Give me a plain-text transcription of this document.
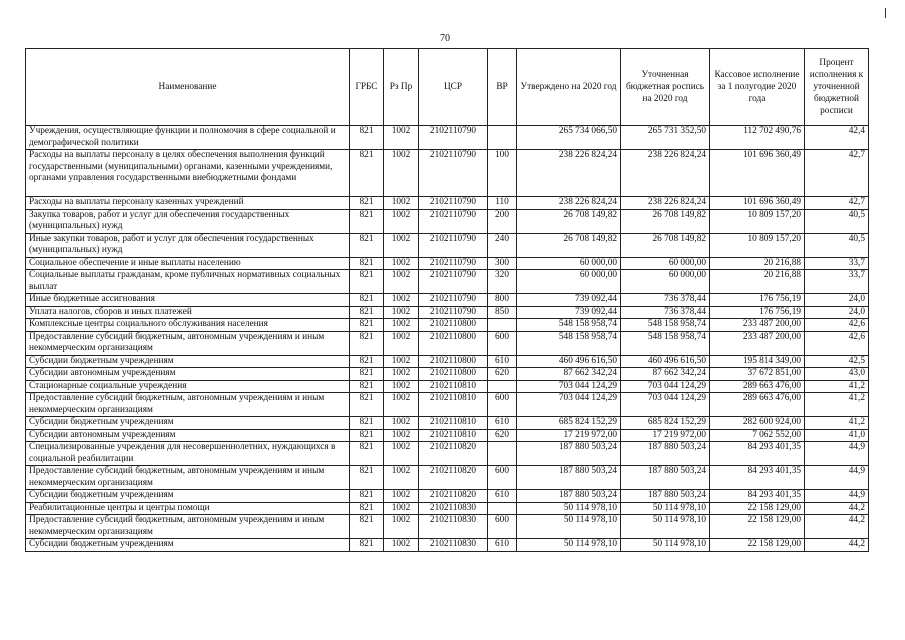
70
Наименование	ГРБС	Рз Пр	ЦСР	ВР	Утверждено на 2020 год	Уточненная бюджетная роспись на 2020 год	Кассовое исполнение за 1 полугодие 2020 года	Процент исполнения к уточненной бюджетной росписи
Учреждения, осуществляющие функции и полномочия в сфере социальной и демографической политики	821	1002	2102110790		265 734 066,50	265 731 352,50	112 702 490,76	42,4
Расходы на выплаты персоналу в целях обеспечения выполнения функций государственными (муниципальными) органами, казенными учреждениями, органами управления государственными внебюджетными фондами	821	1002	2102110790	100	238 226 824,24	238 226 824,24	101 696 360,49	42,7
Расходы на выплаты персоналу казенных учреждений	821	1002	2102110790	110	238 226 824,24	238 226 824,24	101 696 360,49	42,7
Закупка товаров, работ и услуг для обеспечения государственных (муниципальных) нужд	821	1002	2102110790	200	26 708 149,82	26 708 149,82	10 809 157,20	40,5
Иные закупки товаров, работ и услуг для обеспечения государственных (муниципальных) нужд	821	1002	2102110790	240	26 708 149,82	26 708 149,82	10 809 157,20	40,5
Социальное обеспечение и иные выплаты населению	821	1002	2102110790	300	60 000,00	60 000,00	20 216,88	33,7
Социальные выплаты гражданам, кроме публичных нормативных социальных выплат	821	1002	2102110790	320	60 000,00	60 000,00	20 216,88	33,7
Иные бюджетные ассигнования	821	1002	2102110790	800	739 092,44	736 378,44	176 756,19	24,0
Уплата налогов, сборов и иных платежей	821	1002	2102110790	850	739 092,44	736 378,44	176 756,19	24,0
Комплексные центры социального обслуживания населения	821	1002	2102110800		548 158 958,74	548 158 958,74	233 487 200,00	42,6
Предоставление субсидий бюджетным, автономным учреждениям и иным некоммерческим организациям	821	1002	2102110800	600	548 158 958,74	548 158 958,74	233 487 200,00	42,6
Субсидии бюджетным учреждениям	821	1002	2102110800	610	460 496 616,50	460 496 616,50	195 814 349,00	42,5
Субсидии автономным учреждениям	821	1002	2102110800	620	87 662 342,24	87 662 342,24	37 672 851,00	43,0
Стационарные социальные учреждения	821	1002	2102110810		703 044 124,29	703 044 124,29	289 663 476,00	41,2
Предоставление субсидий бюджетным, автономным учреждениям и иным некоммерческим организациям	821	1002	2102110810	600	703 044 124,29	703 044 124,29	289 663 476,00	41,2
Субсидии бюджетным учреждениям	821	1002	2102110810	610	685 824 152,29	685 824 152,29	282 600 924,00	41,2
Субсидии автономным учреждениям	821	1002	2102110810	620	17 219 972,00	17 219 972,00	7 062 552,00	41,0
Специализированные учреждения для несовершеннолетних, нуждающихся в социальной реабилитации	821	1002	2102110820		187 880 503,24	187 880 503,24	84 293 401,35	44,9
Предоставление субсидий бюджетным, автономным учреждениям и иным некоммерческим организациям	821	1002	2102110820	600	187 880 503,24	187 880 503,24	84 293 401,35	44,9
Субсидии бюджетным учреждениям	821	1002	2102110820	610	187 880 503,24	187 880 503,24	84 293 401,35	44,9
Реабилитационные центры и центры помощи	821	1002	2102110830		50 114 978,10	50 114 978,10	22 158 129,00	44,2
Предоставление субсидий бюджетным, автономным учреждениям и иным некоммерческим организациям	821	1002	2102110830	600	50 114 978,10	50 114 978,10	22 158 129,00	44,2
Субсидии бюджетным учреждениям	821	1002	2102110830	610	50 114 978,10	50 114 978,10	22 158 129,00	44,2
